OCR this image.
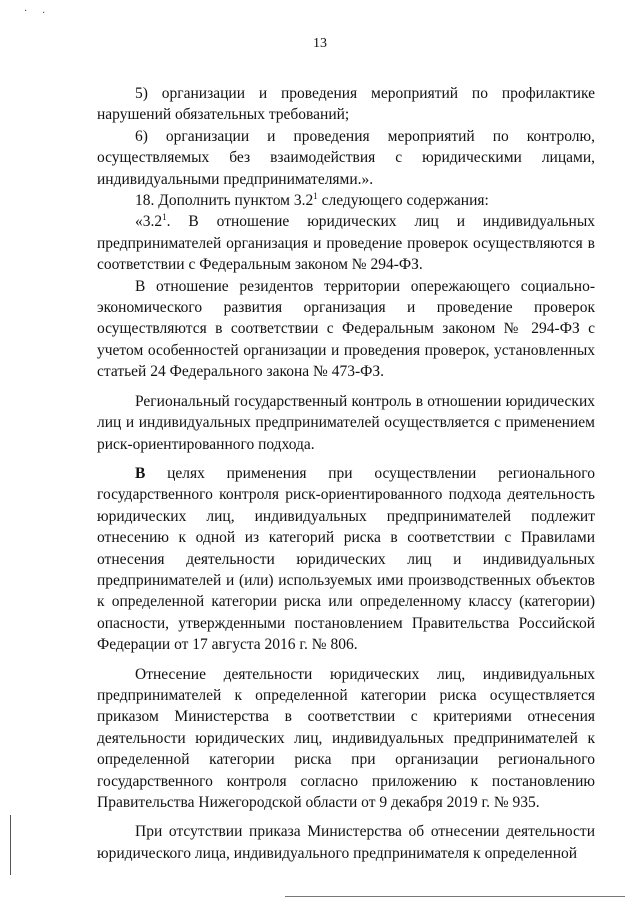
· ·
13

5) организации и проведения мероприятий по профилактике нарушений обязательных требований;

6) организации и проведения мероприятий по контролю, осуществляемых без взаимодействия с юридическими лицами, индивидуальными предпринимателями.».

18. Дополнить пунктом $3.2^1$ следующего содержания:

«$3.2^1$. В отношение юридических лиц и индивидуальных предпринимателей организация и проведение проверок осуществляются в соответствии с Федеральным законом № 294-ФЗ.

В отношение резидентов территории опережающего социально-экономического развития организация и проведение проверок осуществляются в соответствии с Федеральным законом № 294-ФЗ с учетом особенностей организации и проведения проверок, установленных статьей 24 Федерального закона № 473-ФЗ.

Региональный государственный контроль в отношении юридических лиц и индивидуальных предпринимателей осуществляется с применением риск-ориентированного подхода.

В целях применения при осуществлении регионального государственного контроля риск-ориентированного подхода деятельность юридических лиц, индивидуальных предпринимателей подлежит отнесению к одной из категорий риска в соответствии с Правилами отнесения деятельности юридических лиц и индивидуальных предпринимателей и (или) используемых ими производственных объектов к определенной категории риска или определенному классу (категории) опасности, утвержденными постановлением Правительства Российской Федерации от 17 августа 2016 г. № 806.

Отнесение деятельности юридических лиц, индивидуальных предпринимателей к определенной категории риска осуществляется приказом Министерства в соответствии с критериями отнесения деятельности юридических лиц, индивидуальных предпринимателей к определенной категории риска при организации регионального государственного контроля согласно приложению к постановлению Правительства Нижегородской области от 9 декабря 2019 г. № 935.

При отсутствии приказа Министерства об отнесении деятельности юридического лица, индивидуального предпринимателя к определенной
